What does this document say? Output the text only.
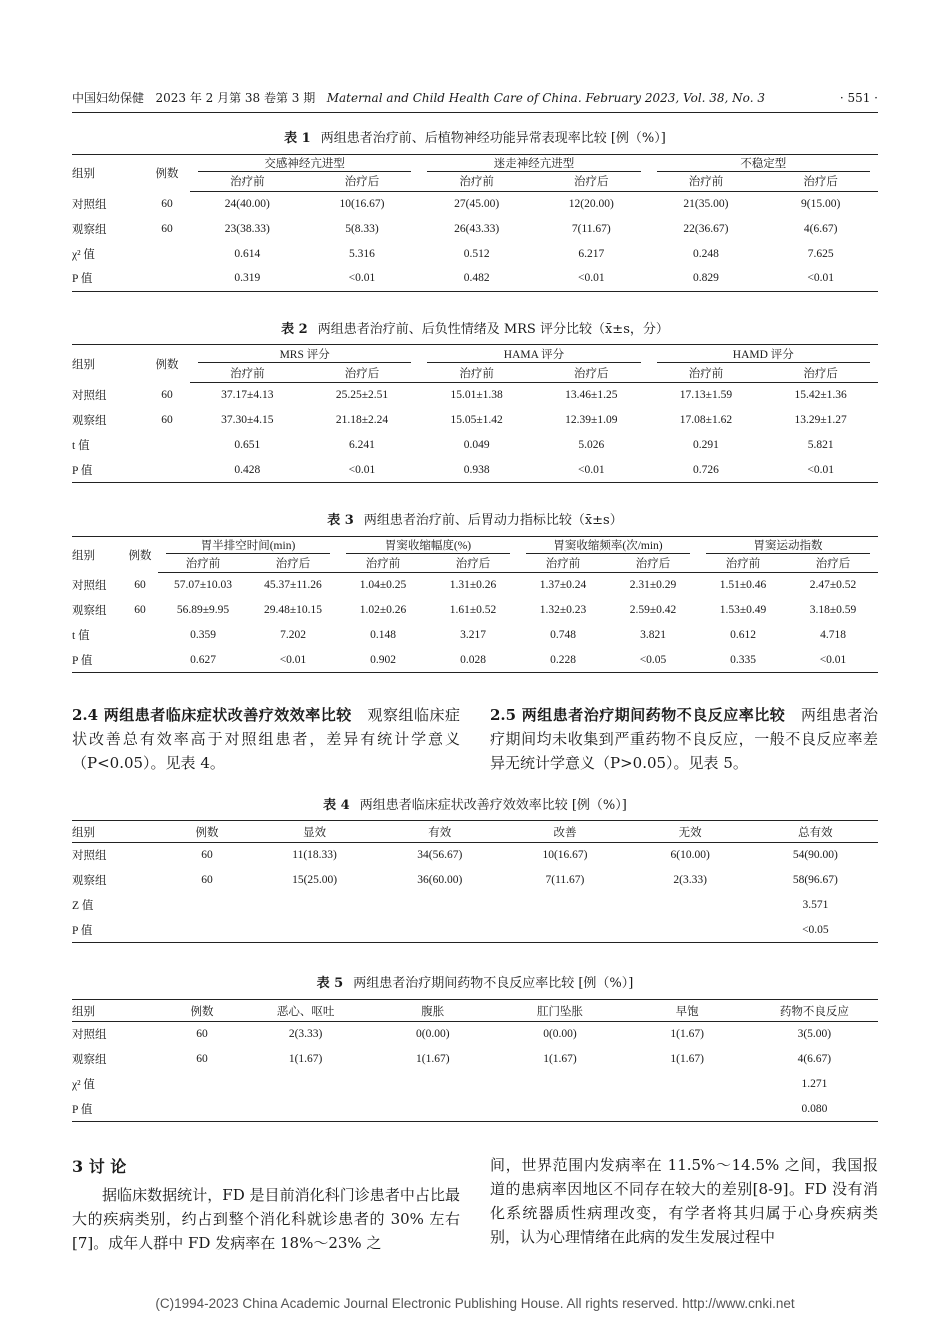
中国妇幼保健 2023 年 2 月第 38 卷第 3 期 Maternal and Child Health Care of China. February 2023, Vol. 38, No. 3	· 551 ·
表 1 两组患者治疗前、后植物神经功能异常表现率比较 [例（%）]
组别	例数	交感神经亢进型		迷走神经亢进型		不稳定型	

		治疗前	治疗后	治疗前	治疗后	治疗前	治疗后
对照组	60	24(40.00)	10(16.67)	27(45.00)	12(20.00)	21(35.00)	9(15.00)
观察组	60	23(38.33)	5(8.33)	26(43.33)	7(11.67)	22(36.67)	4(6.67)
χ² 值		0.614	5.316	0.512	6.217	0.248	7.625
P 值		0.319	<0.01	0.482	<0.01	0.829	<0.01
表 2 两组患者治疗前、后负性情绪及 MRS 评分比较（x̄±s，分）
组别	例数	MRS 评分		HAMA 评分		HAMD 评分	

		治疗前	治疗后	治疗前	治疗后	治疗前	治疗后
对照组	60	37.17±4.13	25.25±2.51	15.01±1.38	13.46±1.25	17.13±1.59	15.42±1.36
观察组	60	37.30±4.15	21.18±2.24	15.05±1.42	12.39±1.09	17.08±1.62	13.29±1.27
t 值		0.651	6.241	0.049	5.026	0.291	5.821
P 值		0.428	<0.01	0.938	<0.01	0.726	<0.01
表 3 两组患者治疗前、后胃动力指标比较（x̄±s）
组别	例数	胃半排空时间(min)		胃窦收缩幅度(%)		胃窦收缩频率(次/min)		胃窦运动指数	

		治疗前	治疗后	治疗前	治疗后	治疗前	治疗后	治疗前	治疗后
对照组	60	57.07±10.03	45.37±11.26	1.04±0.25	1.31±0.26	1.37±0.24	2.31±0.29	1.51±0.46	2.47±0.52
观察组	60	56.89±9.95	29.48±10.15	1.02±0.26	1.61±0.52	1.32±0.23	2.59±0.42	1.53±0.49	3.18±0.59
t 值		0.359	7.202	0.148	3.217	0.748	3.821	0.612	4.718
P 值		0.627	<0.01	0.902	0.028	0.228	<0.05	0.335	<0.01
2.4 两组患者临床症状改善疗效效率比较 观察组临床症状改善总有效率高于对照组患者，差异有统计学意义（P<0.05）。见表 4。
2.5 两组患者治疗期间药物不良反应率比较 两组患者治疗期间均未收集到严重药物不良反应，一般不良反应率差异无统计学意义（P>0.05）。见表 5。
表 4 两组患者临床症状改善疗效效率比较 [例（%）]
组别	例数	显效	有效	改善	无效	总有效
对照组	60	11(18.33)	34(56.67)	10(16.67)	6(10.00)	54(90.00)
观察组	60	15(25.00)	36(60.00)	7(11.67)	2(3.33)	58(96.67)
Z 值						3.571
P 值						<0.05
表 5 两组患者治疗期间药物不良反应率比较 [例（%）]
组别	例数	恶心、呕吐	腹胀	肛门坠胀	早饱	药物不良反应
对照组	60	2(3.33)	0(0.00)	0(0.00)	1(1.67)	3(5.00)
观察组	60	1(1.67)	1(1.67)	1(1.67)	1(1.67)	4(6.67)
χ² 值						1.271
P 值						0.080
3 讨 论
据临床数据统计，FD 是目前消化科门诊患者中占比最大的疾病类别，约占到整个消化科就诊患者的 30% 左右[7]。成年人群中 FD 发病率在 18%～23% 之
间，世界范围内发病率在 11.5%～14.5% 之间，我国报道的患病率因地区不同存在较大的差别[8-9]。FD 没有消化系统器质性病理改变，有学者将其归属于心身疾病类别，认为心理情绪在此病的发生发展过程中
(C)1994-2023 China Academic Journal Electronic Publishing House. All rights reserved. http://www.cnki.net
